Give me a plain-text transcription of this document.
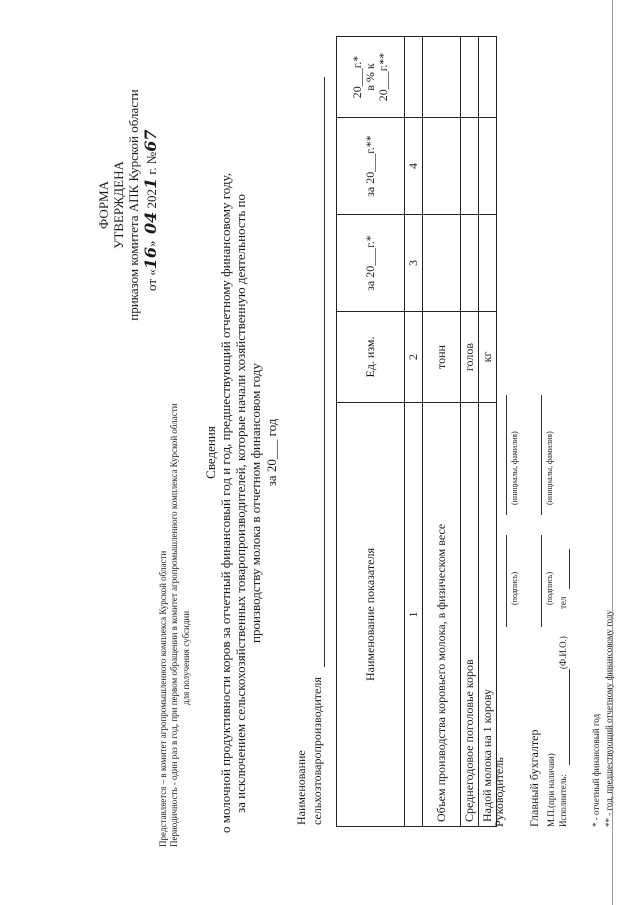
ФОРМА УТВЕРЖДЕНА приказом комитета АПК Курской области от «16»  04 2021 г. №67
Представляется – в комитет агропромышленного комплекса Курской области Периодичность - один раз в год, при первом обращении в комитет агропромышленного комплекса Курской области для получения субсидии
Сведения о молочной продуктивности коров за отчетный финансовый год и год, предшествующий отчетному финансовому году, за исключением сельскохозяйственных товаропроизводителей, которые начали хозяйственную деятельность по производству молока в отчетном финансовом году за 20___ год
Наименование сельхозтоваропроизводителя
Наименование показателя	Ед. изм.	за 20___г.*	за 20___г.**	20___г.* в % к 20___г.**

1	2	3	4	
Объем производства коровьего молока, в физическом весе	тонн			
Среднегодовое поголовье коров	голов			
Надой молока на 1 корову	кг			
Руководитель
(подпись)
(инициалы, фамилия)
Главный бухгалтер
(подпись)
(инициалы, фамилия)
М.П.(при наличии) Исполнитель:
(Ф.И.О.)
тел
* - отчетный финансовый год ** - год, предшествующий отчетному финансовому году
